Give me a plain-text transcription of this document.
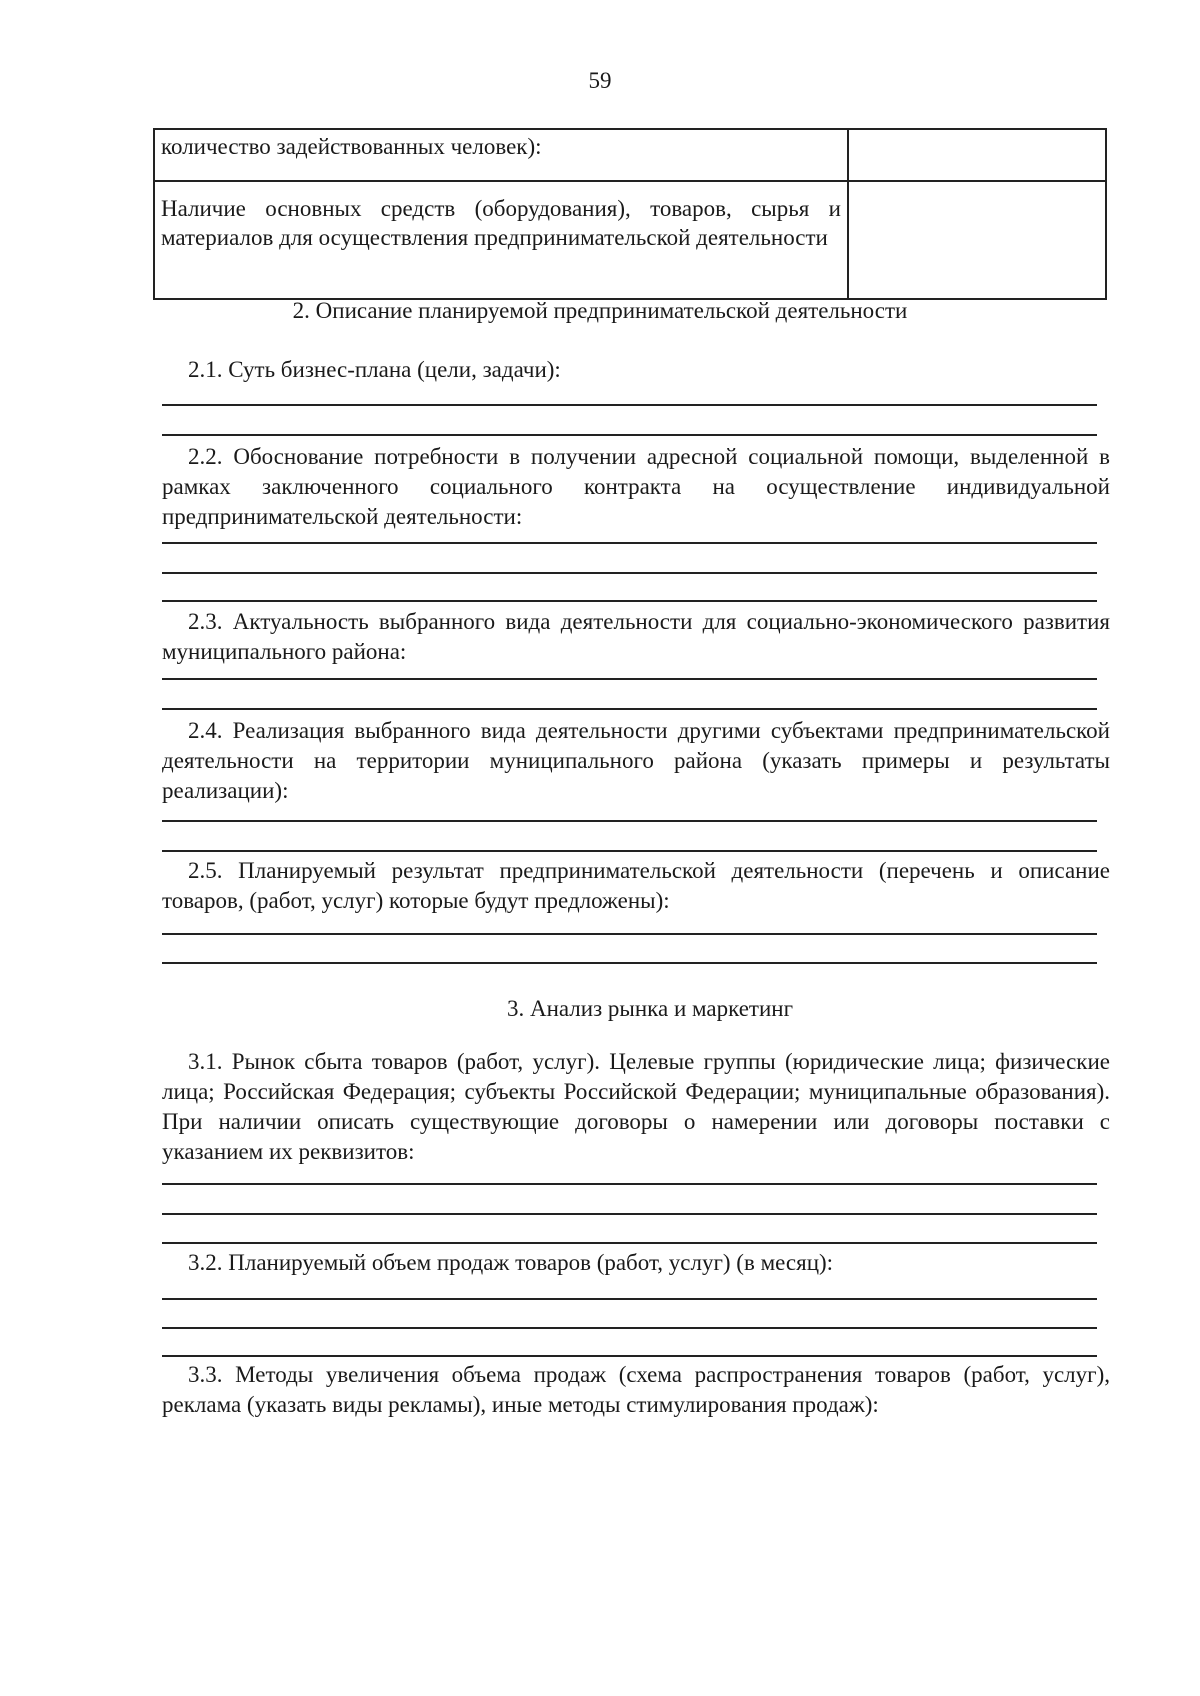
59
количество задействованных человек):	
Наличие основных средств (оборудования), товаров, сырья и материалов для осуществления предпринимательской деятельности	
2. Описание планируемой предпринимательской деятельности
2.1. Суть бизнес-плана (цели, задачи):
2.2. Обоснование потребности в получении адресной социальной помощи, выделенной в рамках заключенного социального контракта на осуществление индивидуальной предпринимательской деятельности:
2.3. Актуальность выбранного вида деятельности для социально-экономического развития муниципального района:
2.4. Реализация выбранного вида деятельности другими субъектами предпринимательской деятельности на территории муниципального района (указать примеры и результаты реализации):
2.5. Планируемый результат предпринимательской деятельности (перечень и описание товаров, (работ, услуг) которые будут предложены):
3. Анализ рынка и маркетинг
3.1. Рынок сбыта товаров (работ, услуг). Целевые группы (юридические лица; физические лица; Российская Федерация; субъекты Российской Федерации; муниципальные образования). При наличии описать существующие договоры о намерении или договоры поставки с указанием их реквизитов:
3.2. Планируемый объем продаж товаров (работ, услуг) (в месяц):
3.3. Методы увеличения объема продаж (схема распространения товаров (работ, услуг), реклама (указать виды рекламы), иные методы стимулирования продаж):
